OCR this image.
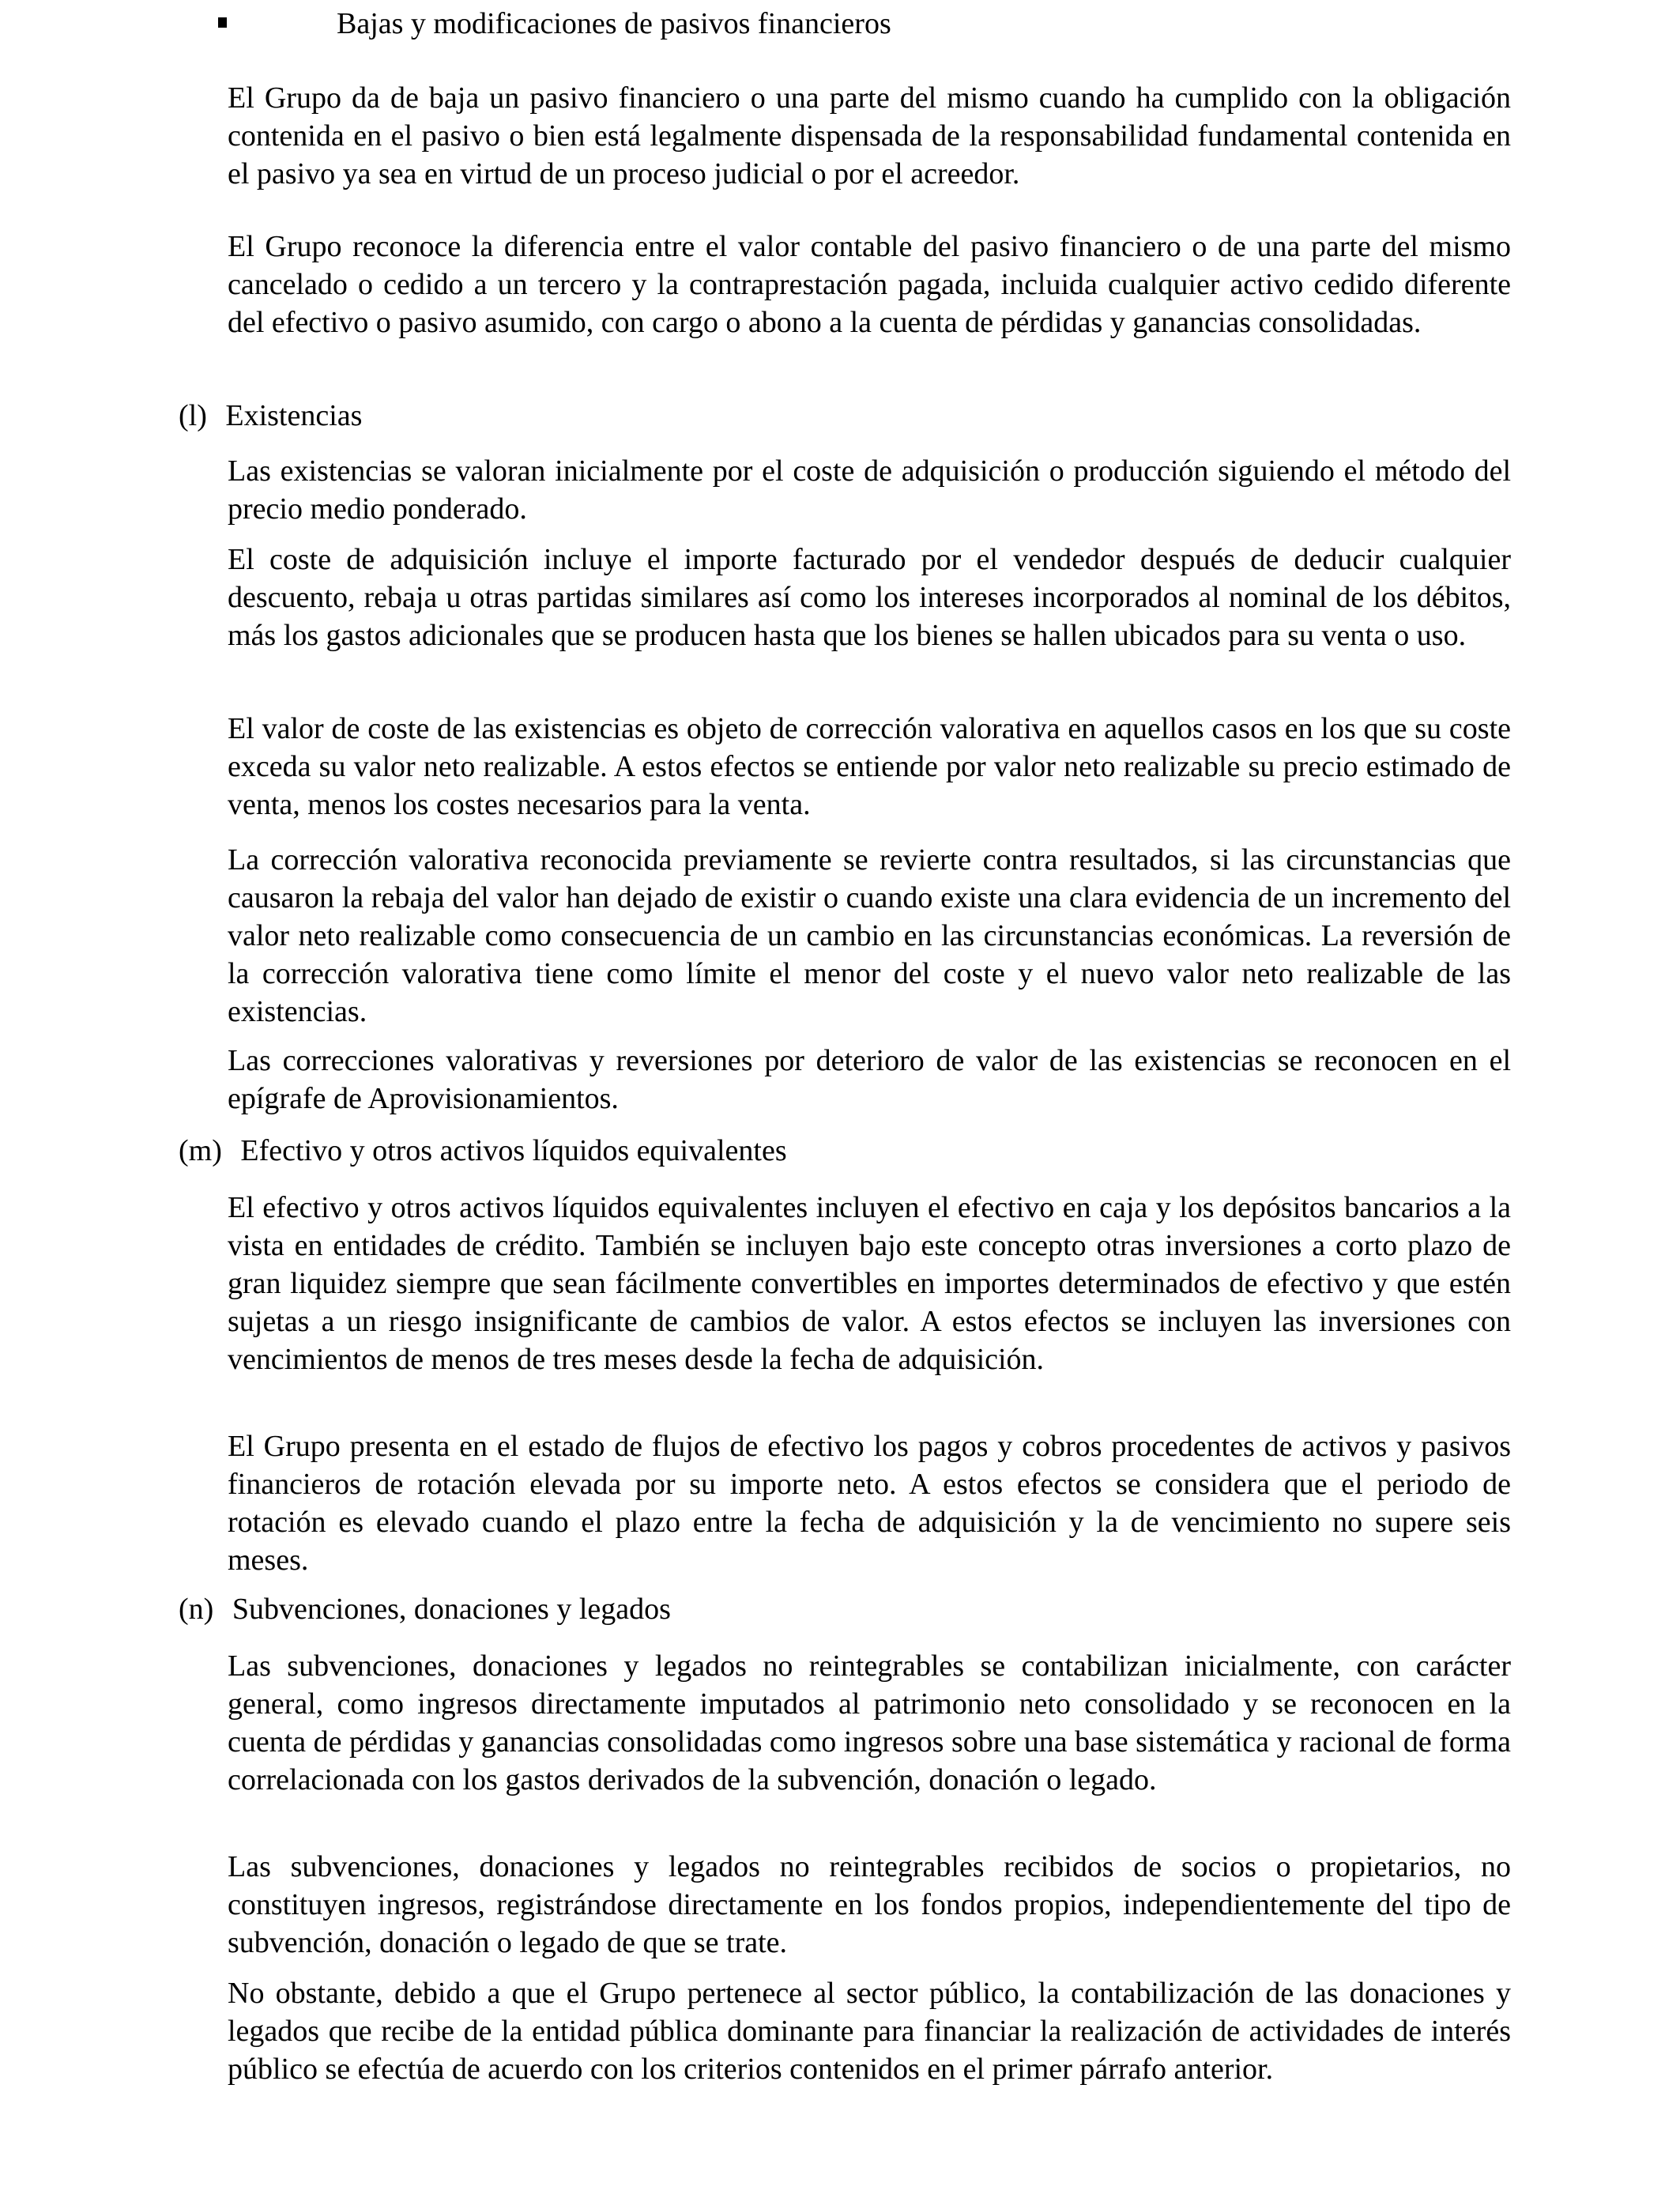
Bajas y modificaciones de pasivos financieros

El Grupo da de baja un pasivo financiero o una parte del mismo cuando ha cumplido con la obligación contenida en el pasivo o bien está legalmente dispensada de la responsabilidad fundamental contenida en el pasivo ya sea en virtud de un proceso judicial o por el acreedor.

El Grupo reconoce la diferencia entre el valor contable del pasivo financiero o de una parte del mismo cancelado o cedido a un tercero y la contraprestación pagada, incluida cualquier activo cedido diferente del efectivo o pasivo asumido, con cargo o abono a la cuenta de pérdidas y ganancias consolidadas.

(l) Existencias

Las existencias se valoran inicialmente por el coste de adquisición o producción siguiendo el método del precio medio ponderado.

El coste de adquisición incluye el importe facturado por el vendedor después de deducir cualquier descuento, rebaja u otras partidas similares así como los intereses incorporados al nominal de los débitos, más los gastos adicionales que se producen hasta que los bienes se hallen ubicados para su venta o uso.

El valor de coste de las existencias es objeto de corrección valorativa en aquellos casos en los que su coste exceda su valor neto realizable. A estos efectos se entiende por valor neto realizable su precio estimado de venta, menos los costes necesarios para la venta.

La corrección valorativa reconocida previamente se revierte contra resultados, si las circunstancias que causaron la rebaja del valor han dejado de existir o cuando existe una clara evidencia de un incremento del valor neto realizable como consecuencia de un cambio en las circunstancias económicas. La reversión de la corrección valorativa tiene como límite el menor del coste y el nuevo valor neto realizable de las existencias.

Las correcciones valorativas y reversiones por deterioro de valor de las existencias se reconocen en el epígrafe de Aprovisionamientos.

(m) Efectivo y otros activos líquidos equivalentes

El efectivo y otros activos líquidos equivalentes incluyen el efectivo en caja y los depósitos bancarios a la vista en entidades de crédito. También se incluyen bajo este concepto otras inversiones a corto plazo de gran liquidez siempre que sean fácilmente convertibles en importes determinados de efectivo y que estén sujetas a un riesgo insignificante de cambios de valor. A estos efectos se incluyen las inversiones con vencimientos de menos de tres meses desde la fecha de adquisición.

El Grupo presenta en el estado de flujos de efectivo los pagos y cobros procedentes de activos y pasivos financieros de rotación elevada por su importe neto. A estos efectos se considera que el periodo de rotación es elevado cuando el plazo entre la fecha de adquisición y la de vencimiento no supere seis meses.

(n) Subvenciones, donaciones y legados

Las subvenciones, donaciones y legados no reintegrables se contabilizan inicialmente, con carácter general, como ingresos directamente imputados al patrimonio neto consolidado y se reconocen en la cuenta de pérdidas y ganancias consolidadas como ingresos sobre una base sistemática y racional de forma correlacionada con los gastos derivados de la subvención, donación o legado.

Las subvenciones, donaciones y legados no reintegrables recibidos de socios o propietarios, no constituyen ingresos, registrándose directamente en los fondos propios, independientemente del tipo de subvención, donación o legado de que se trate.

No obstante, debido a que el Grupo pertenece al sector público, la contabilización de las donaciones y legados que recibe de la entidad pública dominante para financiar la realización de actividades de interés público se efectúa de acuerdo con los criterios contenidos en el primer párrafo anterior.
